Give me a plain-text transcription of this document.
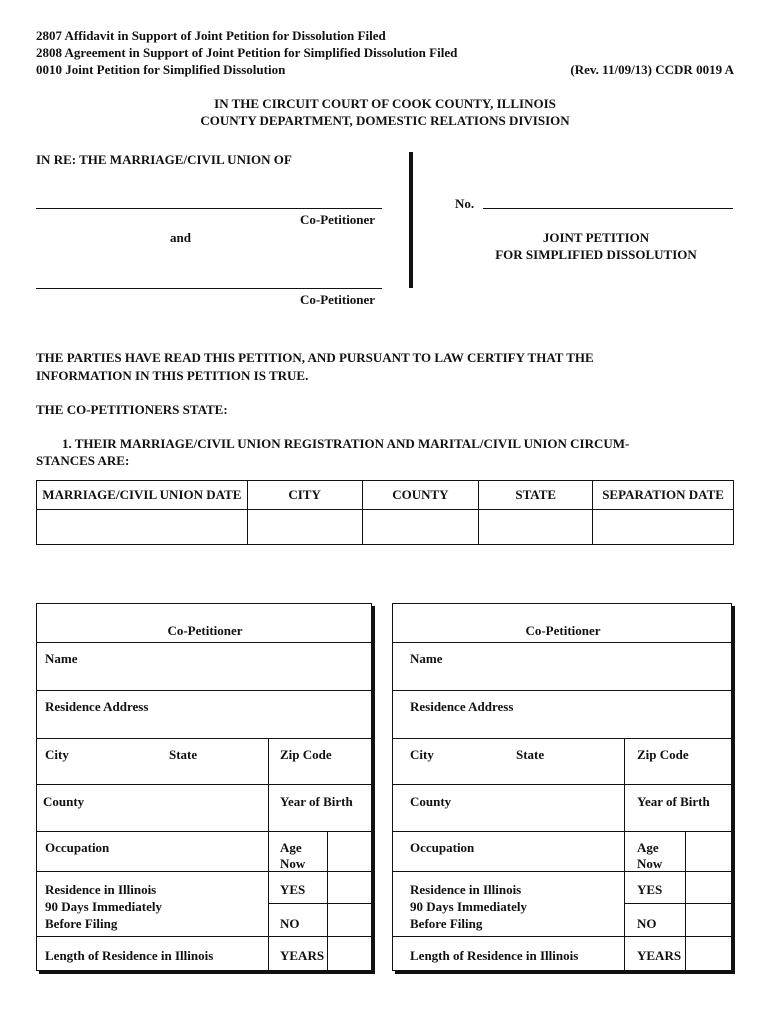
2807 Affidavit in Support of Joint Petition for Dissolution Filed
2808 Agreement in Support of Joint Petition for Simplified Dissolution Filed
0010 Joint Petition for Simplified Dissolution	(Rev. 11/09/13) CCDR 0019 A
IN THE CIRCUIT COURT OF COOK COUNTY, ILLINOIS
COUNTY DEPARTMENT, DOMESTIC RELATIONS DIVISION
IN RE: THE MARRIAGE/CIVIL UNION OF
Co-Petitioner
and
Co-Petitioner
No.
JOINT PETITION
FOR SIMPLIFIED DISSOLUTION
THE PARTIES HAVE READ THIS PETITION, AND PURSUANT TO LAW CERTIFY THAT THE
INFORMATION IN THIS PETITION IS TRUE.
THE CO-PETITIONERS STATE:
1. THEIR MARRIAGE/CIVIL UNION REGISTRATION AND MARITAL/CIVIL UNION CIRCUM-
STANCES ARE:
MARRIAGE/CIVIL UNION DATE	CITY	COUNTY	STATE	SEPARATION DATE

Co-Petitioner
Name
Residence Address
City	State	Zip Code
County	Year of Birth
Occupation	Age
Now
Residence in Illinois
90 Days Immediately
Before Filing
YES
NO
Length of Residence in Illinois	YEARS
Co-Petitioner
Name
Residence Address
City	State	Zip Code
County	Year of Birth
Occupation	Age
Now
Residence in Illinois
90 Days Immediately
Before Filing
YES
NO
Length of Residence in Illinois	YEARS
